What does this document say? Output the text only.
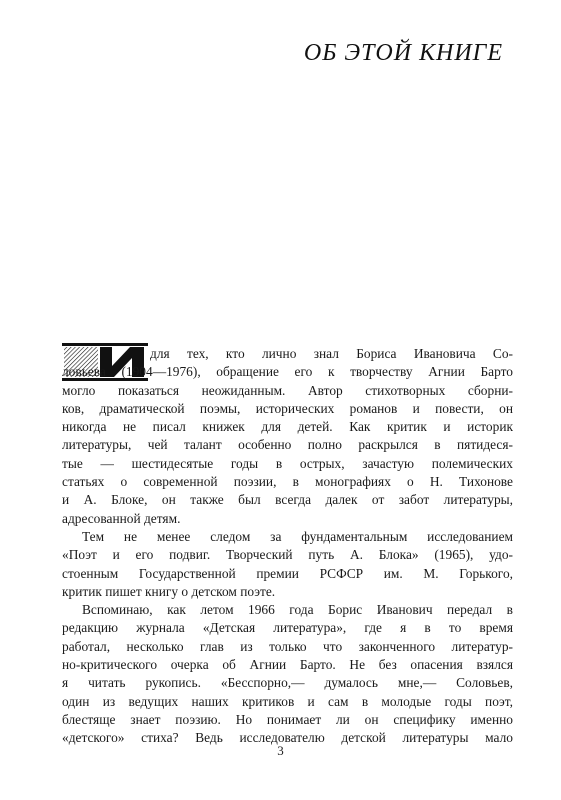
ОБ ЭТОЙ КНИГЕ
для тех, кто лично знал Бориса Ивановича Со-
ловьева (1904—1976), обращение его к творчеству Агнии Барто
могло показаться неожиданным. Автор стихотворных сборни-
ков, драматической поэмы, исторических романов и повести, он
никогда не писал книжек для детей. Как критик и историк
литературы, чей талант особенно полно раскрылся в пятидеся-
тые — шестидесятые годы в острых, зачастую полемических
статьях о современной поэзии, в монографиях о Н. Тихонове
и А. Блоке, он также был всегда далек от забот литературы,
адресованной детям.
Тем не менее следом за фундаментальным исследованием
«Поэт и его подвиг. Творческий путь А. Блока» (1965), удо-
стоенным Государственной премии РСФСР им. М. Горького,
критик пишет книгу о детском поэте.
Вспоминаю, как летом 1966 года Борис Иванович передал в
редакцию журнала «Детская литература», где я в то время
работал, несколько глав из только что законченного литератур-
но-критического очерка об Агнии Барто. Не без опасения взялся
я читать рукопись. «Бесспорно,— думалось мне,— Соловьев,
один из ведущих наших критиков и сам в молодые годы поэт,
блестяще знает поэзию. Но понимает ли он специфику именно
«детского» стиха? Ведь исследователю детской литературы мало
3
